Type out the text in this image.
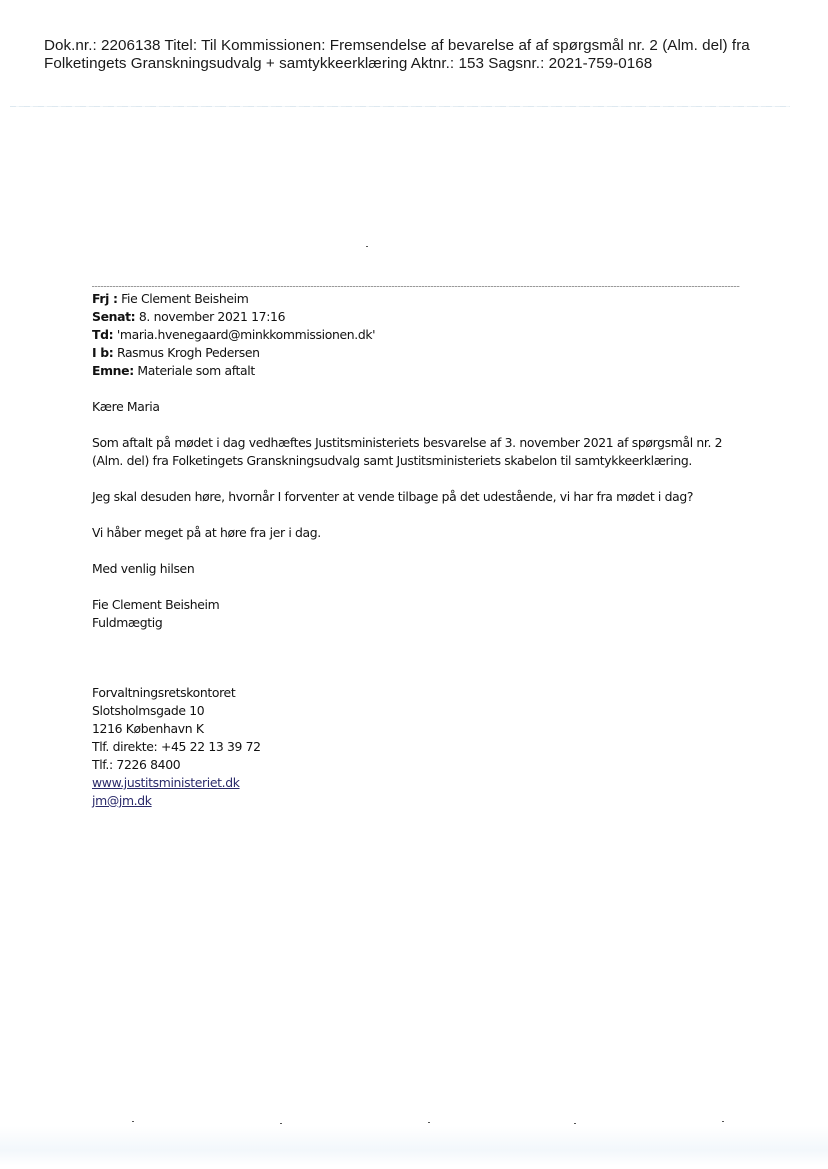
Dok.nr.: 2206138 Titel: Til Kommissionen: Fremsendelse af bevarelse af af spørgsmål nr. 2 (Alm. del) fra
Folketingets Granskningsudvalg + samtykkeerklæring Aktnr.: 153 Sagsnr.: 2021-759-0168
Frj : Fie Clement Beisheim
Senat: 8. november 2021 17:16
Td: 'maria.hvenegaard@minkkommissionen.dk'
I b: Rasmus Krogh Pedersen
Emne: Materiale som aftalt

Kære Maria

Som aftalt på mødet i dag vedhæftes Justitsministeriets besvarelse af 3. november 2021 af spørgsmål nr. 2
(Alm. del) fra Folketingets Granskningsudvalg samt Justitsministeriets skabelon til samtykkeerklæring.

Jeg skal desuden høre, hvornår I forventer at vende tilbage på det udestående, vi har fra mødet i dag?

Vi håber meget på at høre fra jer i dag.

Med venlig hilsen

Fie Clement Beisheim
Fuldmægtig
Forvaltningsretskontoret
Slotsholmsgade 10
1216 København K
Tlf. direkte: +45 22 13 39 72
Tlf.: 7226 8400
www.justitsministeriet.dk
jm@jm.dk
